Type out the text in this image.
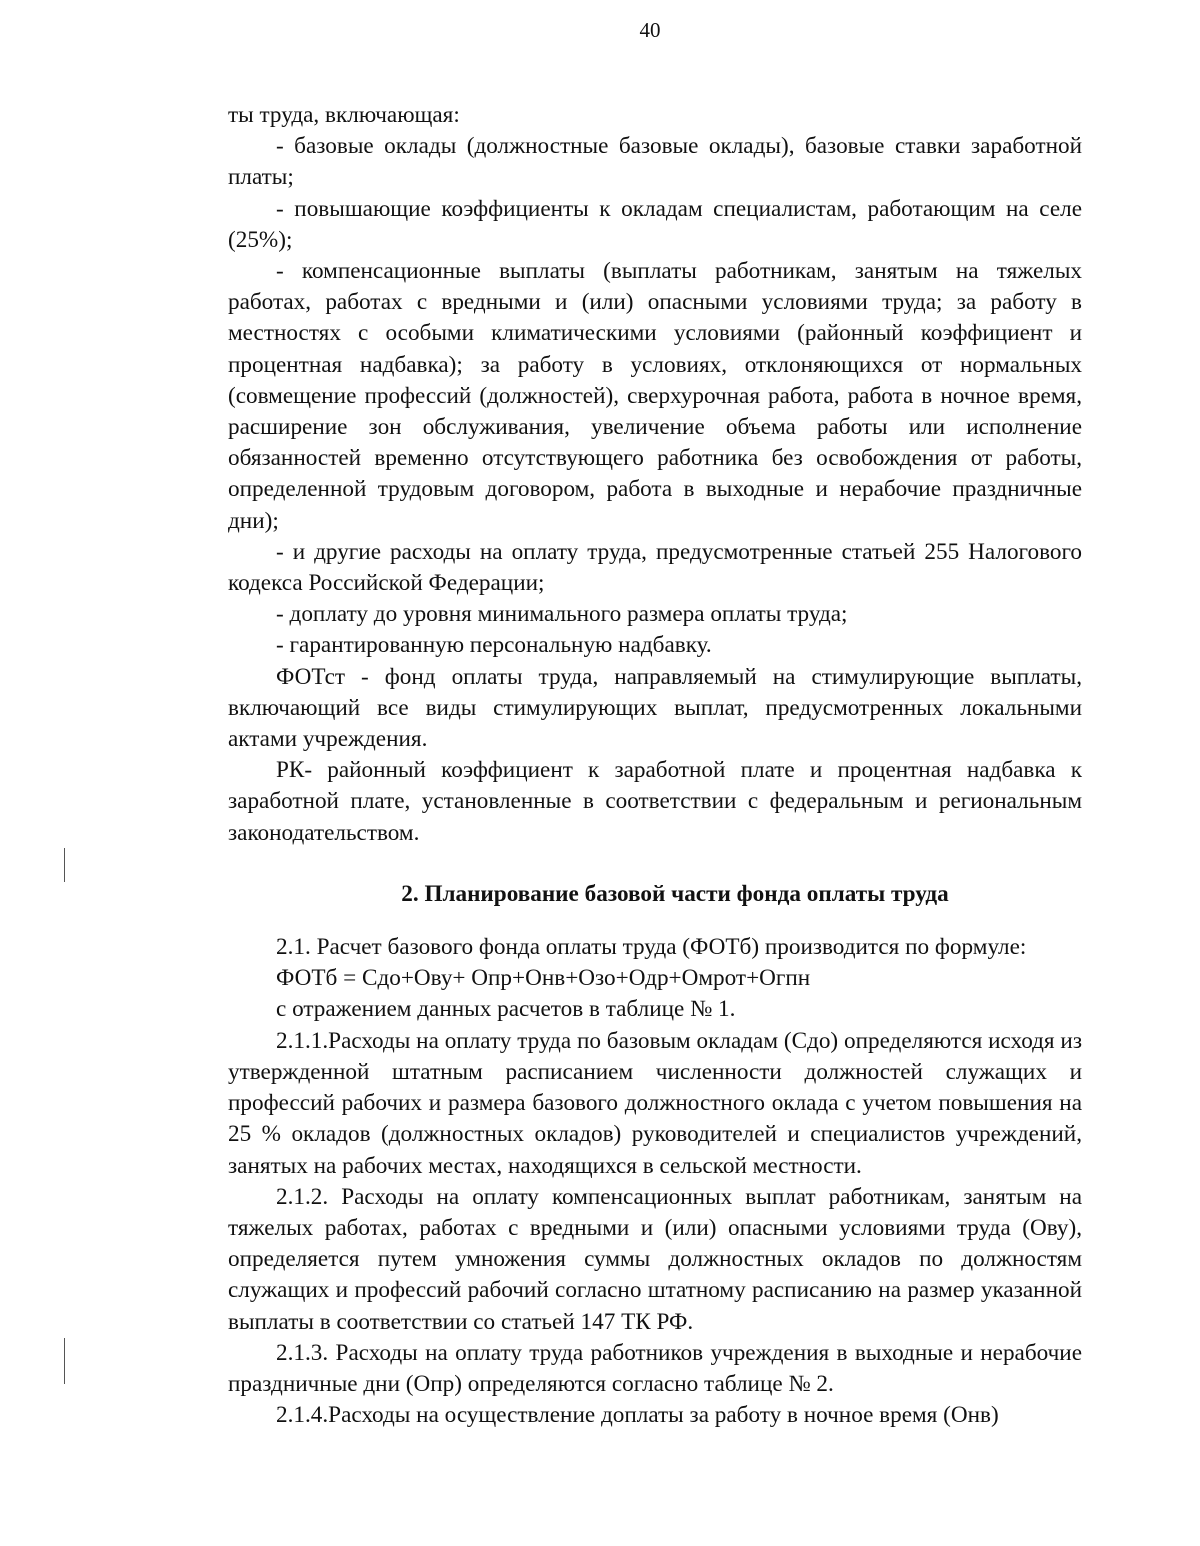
40

ты труда, включающая:

- базовые оклады (должностные базовые оклады), базовые ставки заработной платы;

- повышающие коэффициенты к окладам специалистам, работающим на селе (25%);

- компенсационные выплаты (выплаты работникам, занятым на тяжелых работах, работах с вредными и (или) опасными условиями труда; за работу в местностях с особыми климатическими условиями (районный коэффициент и процентная надбавка); за работу в условиях, отклоняющихся от нормальных (совмещение профессий (должностей), сверхурочная работа, работа в ночное время, расширение зон обслуживания, увеличение объема работы или исполнение обязанностей временно отсутствующего работника без освобождения от работы, определенной трудовым договором, работа в выходные и нерабочие праздничные дни);

- и другие расходы на оплату труда, предусмотренные статьей 255 Налогового кодекса Российской Федерации;

- доплату до уровня минимального размера оплаты труда;

- гарантированную персональную надбавку.

ФОТст - фонд оплаты труда, направляемый на стимулирующие выплаты, включающий все виды стимулирующих выплат, предусмотренных локальными актами учреждения.

РК- районный коэффициент к заработной плате и процентная надбавка к заработной плате, установленные в соответствии с федеральным и региональным законодательством.

2. Планирование базовой части фонда оплаты труда

2.1. Расчет базового фонда оплаты труда (ФОТб) производится по формуле:

ФОТб = Сдо+Ову+ Опр+Онв+Озо+Одр+Омрот+Огпн

с отражением данных расчетов в таблице № 1.

2.1.1.Расходы на оплату труда по базовым окладам (Сдо) определяются исходя из утвержденной штатным расписанием численности должностей служащих и профессий рабочих и размера базового должностного оклада с учетом повышения на 25 % окладов (должностных окладов) руководителей и специалистов учреждений, занятых на рабочих местах, находящихся в сельской местности.

2.1.2. Расходы на оплату компенсационных выплат работникам, занятым на тяжелых работах, работах с вредными и (или) опасными условиями труда (Ову), определяется путем умножения суммы должностных окладов по должностям служащих и профессий рабочий согласно штатному расписанию на размер указанной выплаты в соответствии со статьей 147 ТК РФ.

2.1.3. Расходы на оплату труда работников учреждения в выходные и нерабочие праздничные дни (Опр) определяются согласно таблице № 2.

2.1.4.Расходы на осуществление доплаты за работу в ночное время (Онв)
